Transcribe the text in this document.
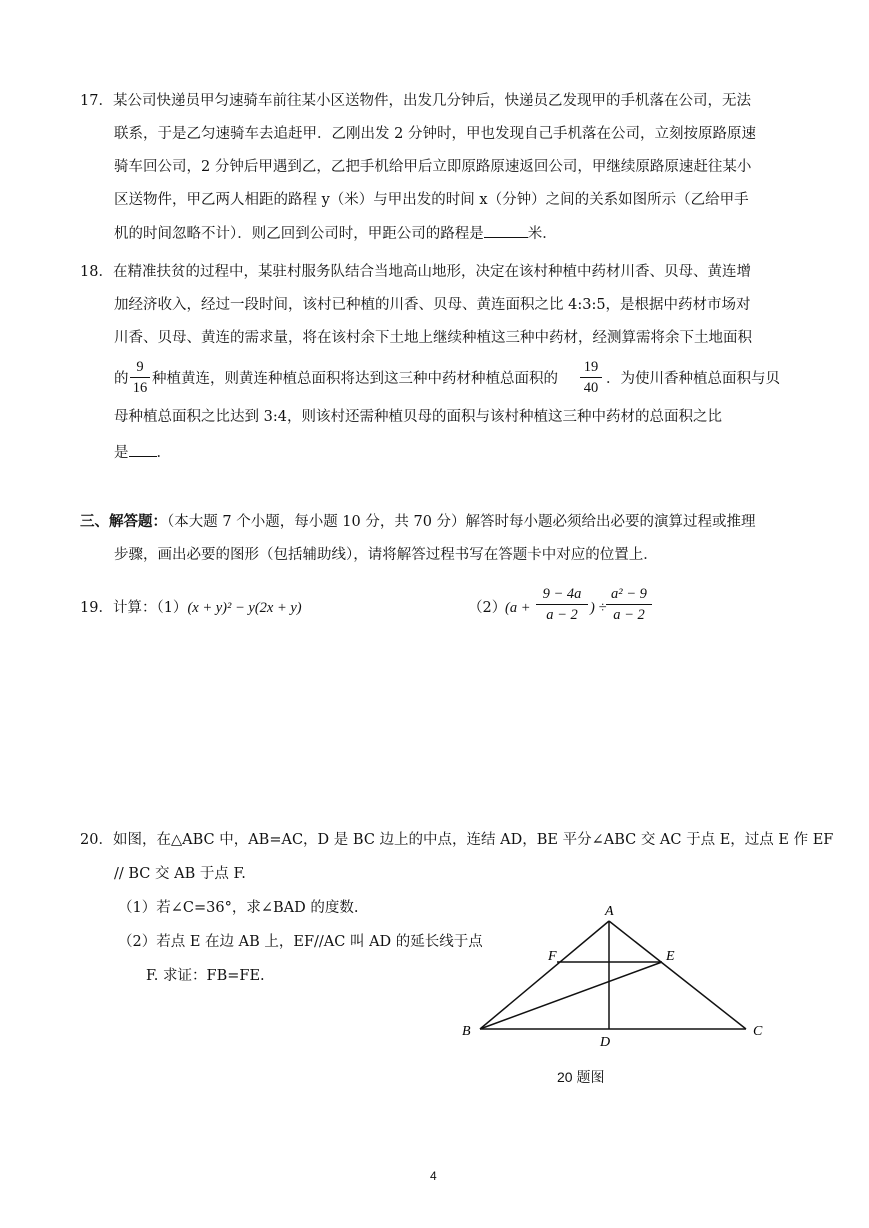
17．某公司快递员甲匀速骑车前往某小区送物件，出发几分钟后，快递员乙发现甲的手机落在公司，无法
联系，于是乙匀速骑车去追赶甲．乙刚出发 2 分钟时，甲也发现自己手机落在公司，立刻按原路原速
骑车回公司，2 分钟后甲遇到乙，乙把手机给甲后立即原路原速返回公司，甲继续原路原速赶往某小
区送物件，甲乙两人相距的路程 y（米）与甲出发的时间 x（分钟）之间的关系如图所示（乙给甲手
机的时间忽略不计）．则乙回到公司时，甲距公司的路程是	米．
18．在精准扶贫的过程中，某驻村服务队结合当地高山地形，决定在该村种植中药材川香、贝母、黄连增
加经济收入，经过一段时间，该村已种植的川香、贝母、黄连面积之比 4:3:5，是根据中药材市场对
川香、贝母、黄连的需求量，将在该村余下土地上继续种植这三种中药材，经测算需将余下土地面积
的
9
16
种植黄连，则黄连种植总面积将达到这三种中药材种植总面积的
19
40
．为使川香种植总面积与贝
母种植总面积之比达到 3:4，则该村还需种植贝母的面积与该村种植这三种中药材的总面积之比
是 ．
三、解答题：（本大题 7 个小题，每小题 10 分，共 70 分）解答时每小题必须给出必要的演算过程或推理
步骤，画出必要的图形（包括辅助线），请将解答过程书写在答题卡中对应的位置上．
19．计算：（1）(x + y)² − y(2x + y)	（2）
(a +
9 − 4a
a − 2 ) ÷
a² − 9
a − 2
20．如图，在△ABC 中，AB=AC，D 是 BC 边上的中点，连结 AD，BE 平分∠ABC 交 AC 于点 E，过点 E 作 EF
// BC 交 AB 于点 F.
（1）若∠C=36°，求∠BAD 的度数.
（2）若点 E 在边 AB 上，EF//AC 叫 AD 的延长线于点
F. 求证：FB=FE.
A
B	C
D
E
F
20 题图
4
